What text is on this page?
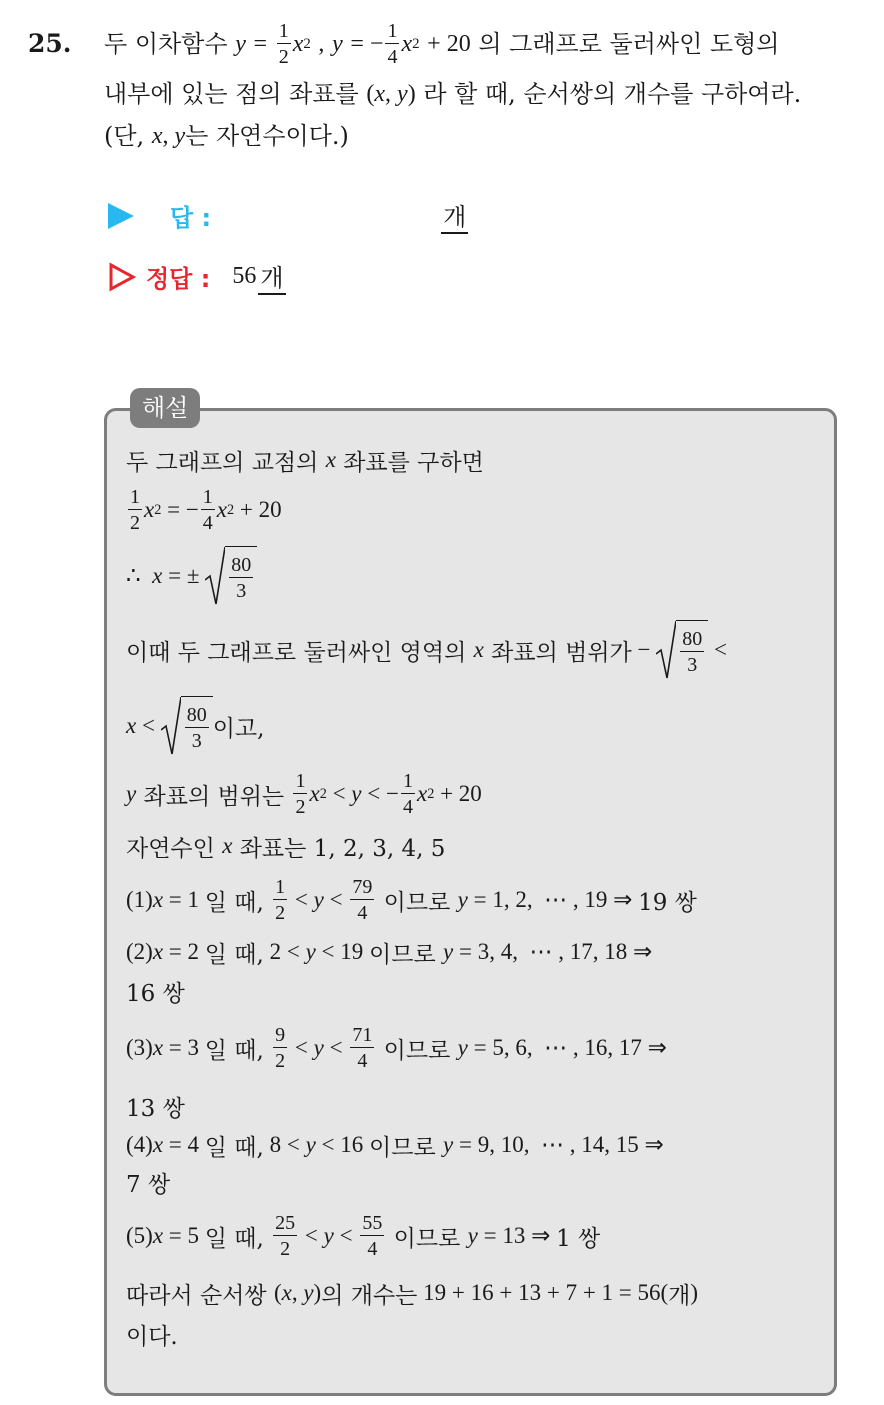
25. 두 이차함수
y
=
$\frac{1}{2}$ x 2
,
y
= − $\frac{1}{4}$ x 2
+ 20
의 그래프로 둘러싸인 도형의
내부에 있는 점의 좌표를
( x , y )
라 할 때, 순서쌍의 개수를 구하여라.
(단,
x , y 는 자연수이다.)
답 :	개
정답 : 56 개
해설
두 그래프의 교점의
x
좌표를 구하면
$\frac{1}{2}$ x 2 = − $\frac{1}{4}$ x 2 + 20
∴ x = ± $\frac{80}{3}$
이때 두 그래프로 둘러싸인 영역의
x
좌표의 범위가 − $\frac{80}{3}$ <
$x < \frac{80}{3}$ 이고,
y
좌표의 범위는
$\frac{1}{2}$ x 2 < y < − $\frac{1}{4}$ x 2 + 20
자연수인
x
좌표는 1, 2, 3, 4, 5
(1) x = 1 일 때,
$\frac{1}{2} < y < \frac{79}{4}$
이므로
y = 1, 2,  ⋯ , 19 ⇒ 19 쌍
(2) x = 2 일 때, 2 < y < 19 이므로
y = 3, 4,  ⋯ , 17, 18 ⇒
16 쌍
(3) x = 3 일 때,
$\frac{9}{2} < y < \frac{71}{4}$
이므로
y = 5, 6,  ⋯ , 16, 17 ⇒
13 쌍
(4) x = 4 일 때, 8 < y < 16 이므로
y = 9, 10,  ⋯ , 14, 15 ⇒
7 쌍
(5) x = 5 일 때,
$\frac{25}{2} < y < \frac{55}{4}$
이므로
y = 13 ⇒ 1 쌍
따라서 순서쌍
( x , y ) 의 개수는 19 + 16 + 13 + 7 + 1 = 56( 개 )
이다.
